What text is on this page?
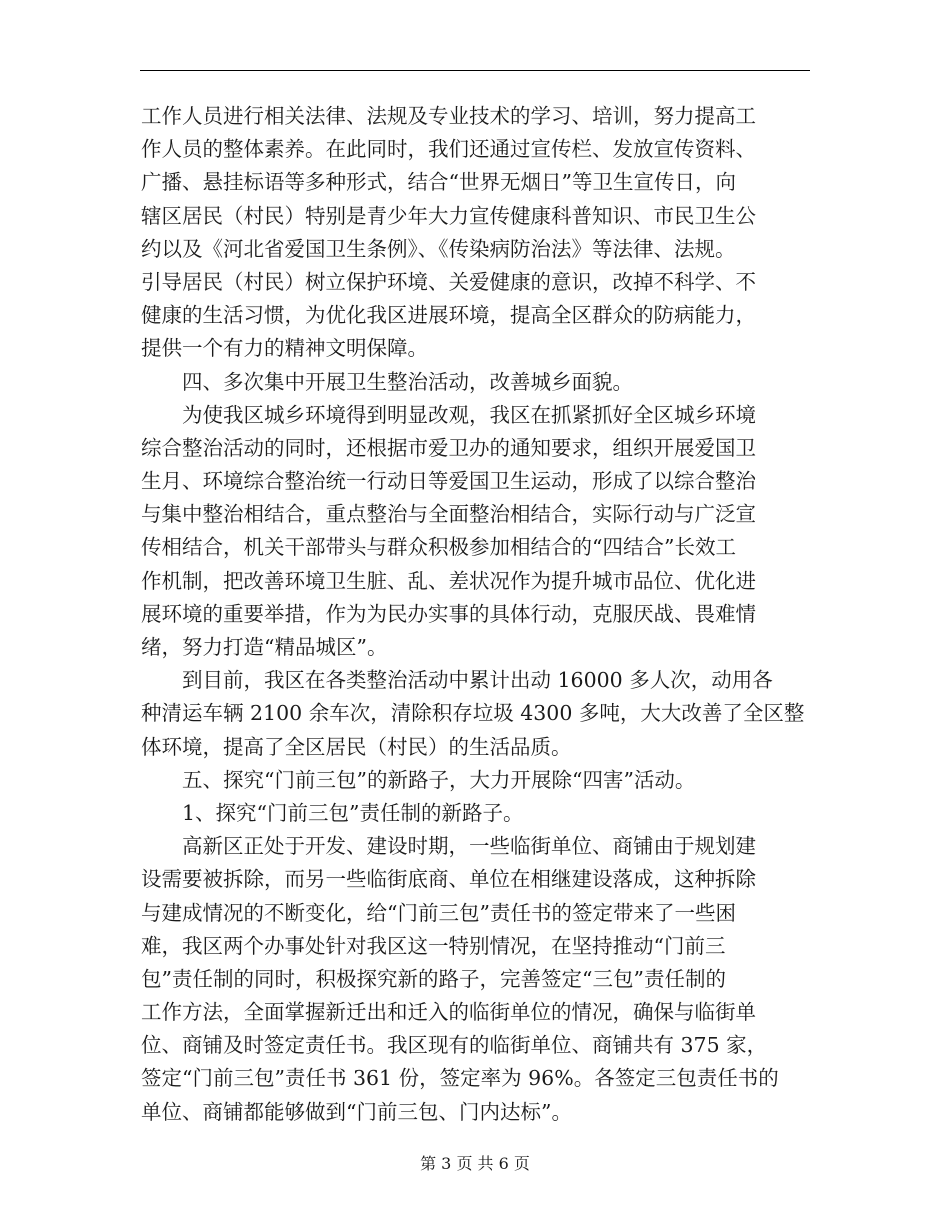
工作人员进行相关法律、法规及专业技术的学习、培训，努力提高工
作人员的整体素养。在此同时，我们还通过宣传栏、发放宣传资料、
广播、悬挂标语等多种形式，结合“世界无烟日”等卫生宣传日，向
辖区居民（村民）特别是青少年大力宣传健康科普知识、市民卫生公
约以及《河北省爱国卫生条例》、《传染病防治法》等法律、法规。
引导居民（村民）树立保护环境、关爱健康的意识，改掉不科学、不
健康的生活习惯，为优化我区进展环境，提高全区群众的防病能力，
提供一个有力的精神文明保障。
四、多次集中开展卫生整治活动，改善城乡面貌。
为使我区城乡环境得到明显改观，我区在抓紧抓好全区城乡环境
综合整治活动的同时，还根据市爱卫办的通知要求，组织开展爱国卫
生月、环境综合整治统一行动日等爱国卫生运动，形成了以综合整治
与集中整治相结合，重点整治与全面整治相结合，实际行动与广泛宣
传相结合，机关干部带头与群众积极参加相结合的“四结合”长效工
作机制，把改善环境卫生脏、乱、差状况作为提升城市品位、优化进
展环境的重要举措，作为为民办实事的具体行动，克服厌战、畏难情
绪，努力打造“精品城区”。
到目前，我区在各类整治活动中累计出动 16000 多人次，动用各
种清运车辆 2100 余车次，清除积存垃圾 4300 多吨，大大改善了全区整
体环境，提高了全区居民（村民）的生活品质。
五、探究“门前三包”的新路子，大力开展除“四害”活动。
1、探究“门前三包”责任制的新路子。
高新区正处于开发、建设时期，一些临街单位、商铺由于规划建
设需要被拆除，而另一些临街底商、单位在相继建设落成，这种拆除
与建成情况的不断变化，给“门前三包”责任书的签定带来了一些困
难，我区两个办事处针对我区这一特别情况，在坚持推动“门前三
包”责任制的同时，积极探究新的路子，完善签定“三包”责任制的
工作方法，全面掌握新迁出和迁入的临街单位的情况，确保与临街单
位、商铺及时签定责任书。我区现有的临街单位、商铺共有 375 家，
签定“门前三包”责任书 361 份，签定率为 96%。各签定三包责任书的
单位、商铺都能够做到“门前三包、门内达标”。
第 3 页 共 6 页
